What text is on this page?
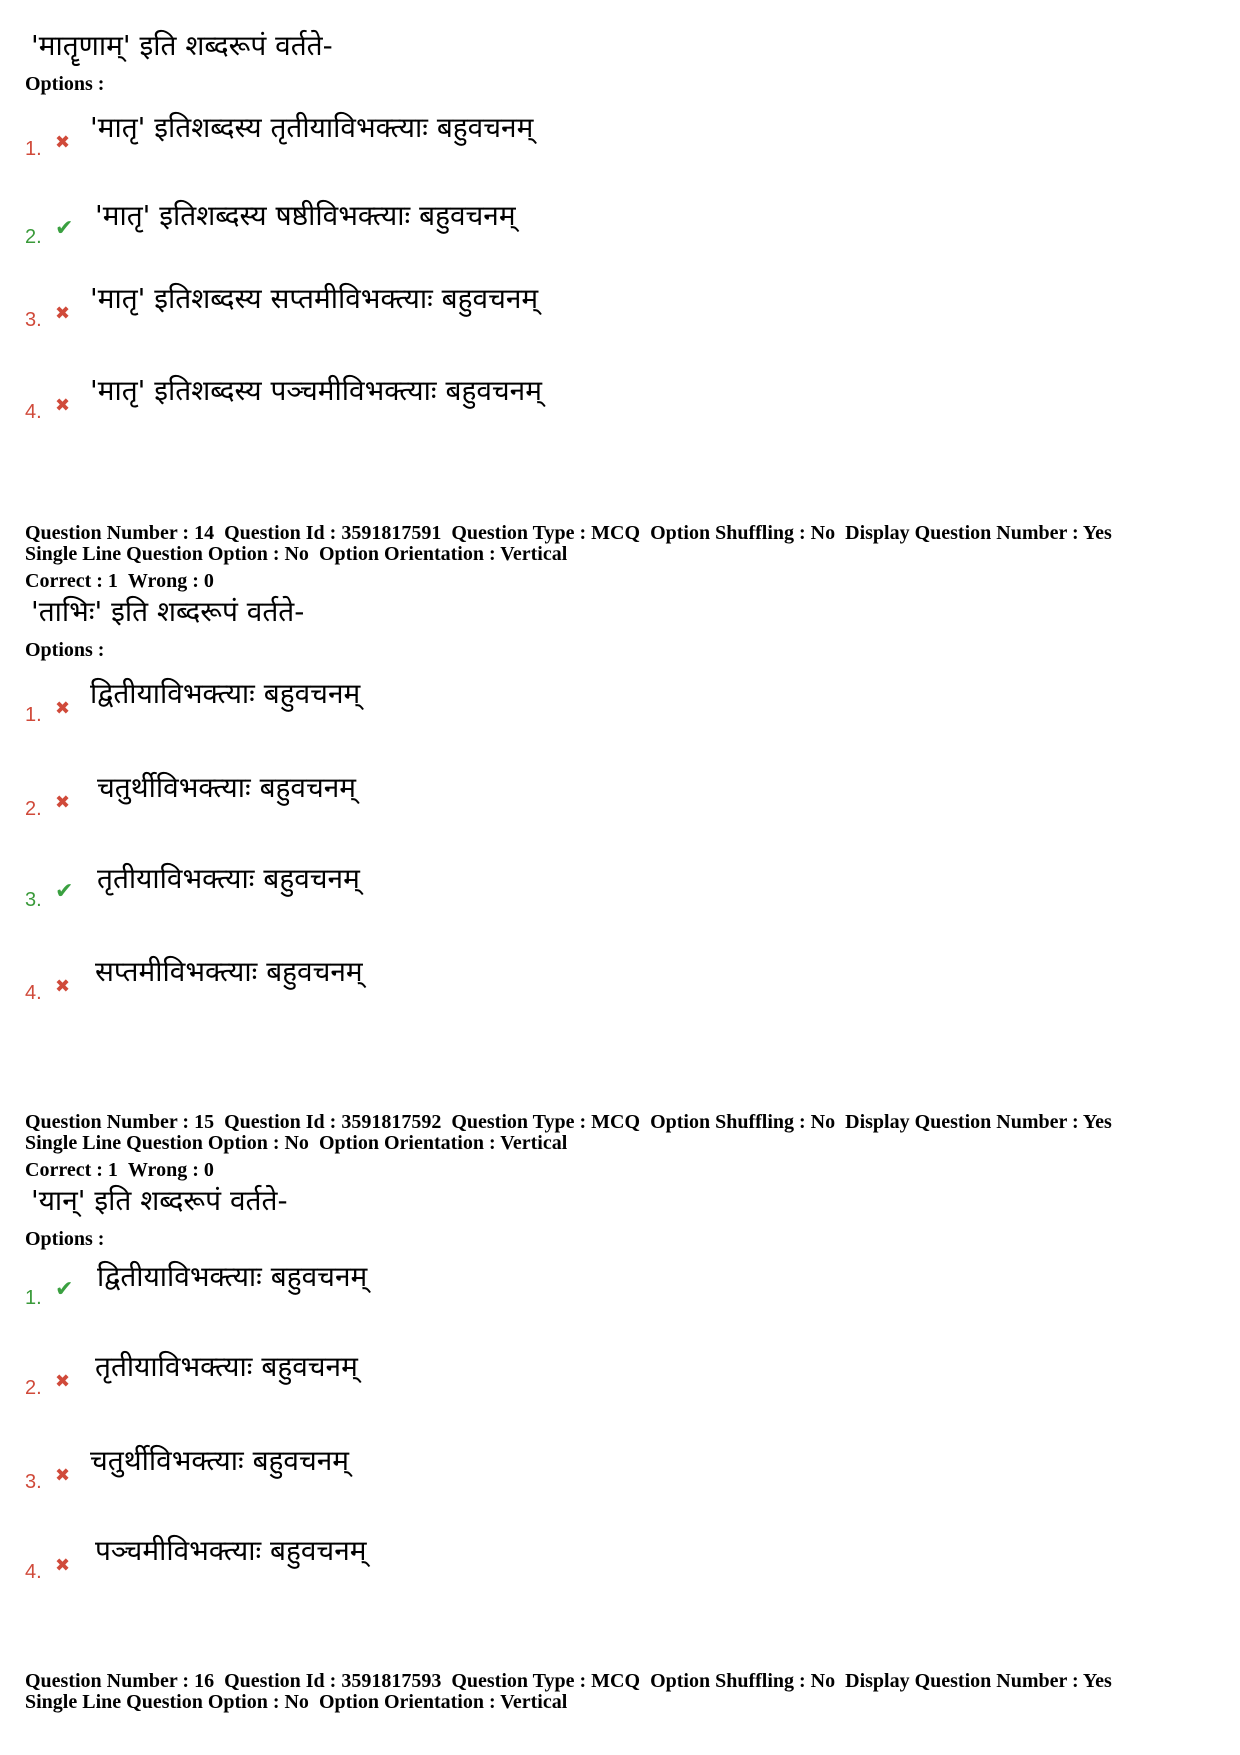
'मातॄणाम्' इति शब्दरूपं वर्तते-
Options :
1. ✖ 'मातृ' इतिशब्दस्य तृतीयाविभक्त्याः बहुवचनम्
2. ✔ 'मातृ' इतिशब्दस्य षष्ठीविभक्त्याः बहुवचनम्
3. ✖ 'मातृ' इतिशब्दस्य सप्तमीविभक्त्याः बहुवचनम्
4. ✖ 'मातृ' इतिशब्दस्य पञ्चमीविभक्त्याः बहुवचनम्
Question Number : 14 Question Id : 3591817591 Question Type : MCQ Option Shuffling : No Display Question Number : Yes
Single Line Question Option : No Option Orientation : Vertical
Correct : 1 Wrong : 0
'ताभिः' इति शब्दरूपं वर्तते-
Options :
1. ✖ द्वितीयाविभक्त्याः बहुवचनम्
2. ✖ चतुर्थीविभक्त्याः बहुवचनम्
3. ✔ तृतीयाविभक्त्याः बहुवचनम्
4. ✖ सप्तमीविभक्त्याः बहुवचनम्
Question Number : 15 Question Id : 3591817592 Question Type : MCQ Option Shuffling : No Display Question Number : Yes
Single Line Question Option : No Option Orientation : Vertical
Correct : 1 Wrong : 0
'यान्' इति शब्दरूपं वर्तते-
Options :
1. ✔ द्वितीयाविभक्त्याः बहुवचनम्
2. ✖ तृतीयाविभक्त्याः बहुवचनम्
3. ✖ चतुर्थीविभक्त्याः बहुवचनम्
4. ✖ पञ्चमीविभक्त्याः बहुवचनम्
Question Number : 16 Question Id : 3591817593 Question Type : MCQ Option Shuffling : No Display Question Number : Yes
Single Line Question Option : No Option Orientation : Vertical
